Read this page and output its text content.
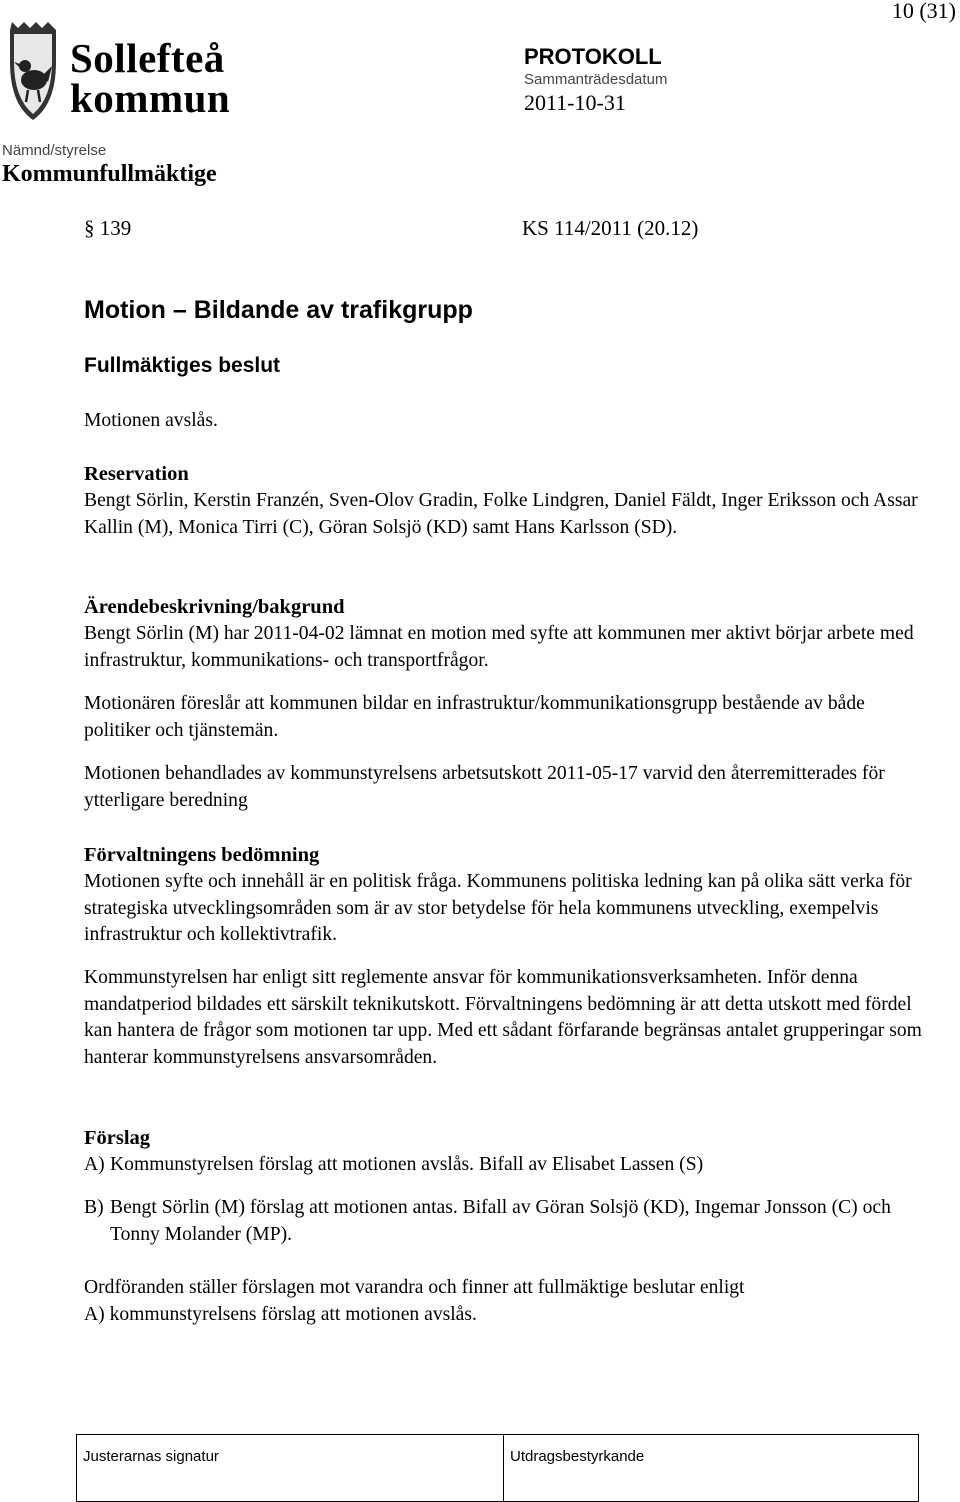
10 (31)
Sollefteå
kommun
PROTOKOLL
Sammanträdesdatum
2011-10-31
Nämnd/styrelse
Kommunfullmäktige
§ 139	KS 114/2011 (20.12)
Motion – Bildande av trafikgrupp
Fullmäktiges beslut
Motionen avslås.
Reservation
Bengt Sörlin, Kerstin Franzén, Sven-Olov Gradin, Folke Lindgren, Daniel Fäldt, Inger Eriksson och Assar Kallin (M), Monica Tirri (C), Göran Solsjö (KD) samt Hans Karlsson (SD).
Ärendebeskrivning/bakgrund
Bengt Sörlin (M) har 2011-04-02 lämnat en motion med syfte att kommunen mer aktivt börjar arbete med infrastruktur, kommunikations- och transportfrågor.
Motionären föreslår att kommunen bildar en infrastruktur/kommunikationsgrupp bestående av både politiker och tjänstemän.
Motionen behandlades av kommunstyrelsens arbetsutskott 2011-05-17 varvid den återremitterades för ytterligare beredning
Förvaltningens bedömning
Motionen syfte och innehåll är en politisk fråga. Kommunens politiska ledning kan på olika sätt verka för strategiska utvecklingsområden som är av stor betydelse för hela kommunens utveckling, exempelvis infrastruktur och kollektivtrafik.
Kommunstyrelsen har enligt sitt reglemente ansvar för kommunikationsverksamheten. Inför denna mandatperiod bildades ett särskilt teknikutskott. Förvaltningens bedömning är att detta utskott med fördel kan hantera de frågor som motionen tar upp. Med ett sådant förfarande begränsas antalet grupperingar som hanterar kommunstyrelsens ansvarsområden.
Förslag
A) Kommunstyrelsen förslag att motionen avslås. Bifall av Elisabet Lassen (S)
B) Bengt Sörlin (M) förslag att motionen antas. Bifall av Göran Solsjö (KD), Ingemar Jonsson (C) och Tonny Molander (MP).
Ordföranden ställer förslagen mot varandra och finner att fullmäktige beslutar enligt
A) kommunstyrelsens förslag att motionen avslås.
Justerarnas signatur	Utdragsbestyrkande
